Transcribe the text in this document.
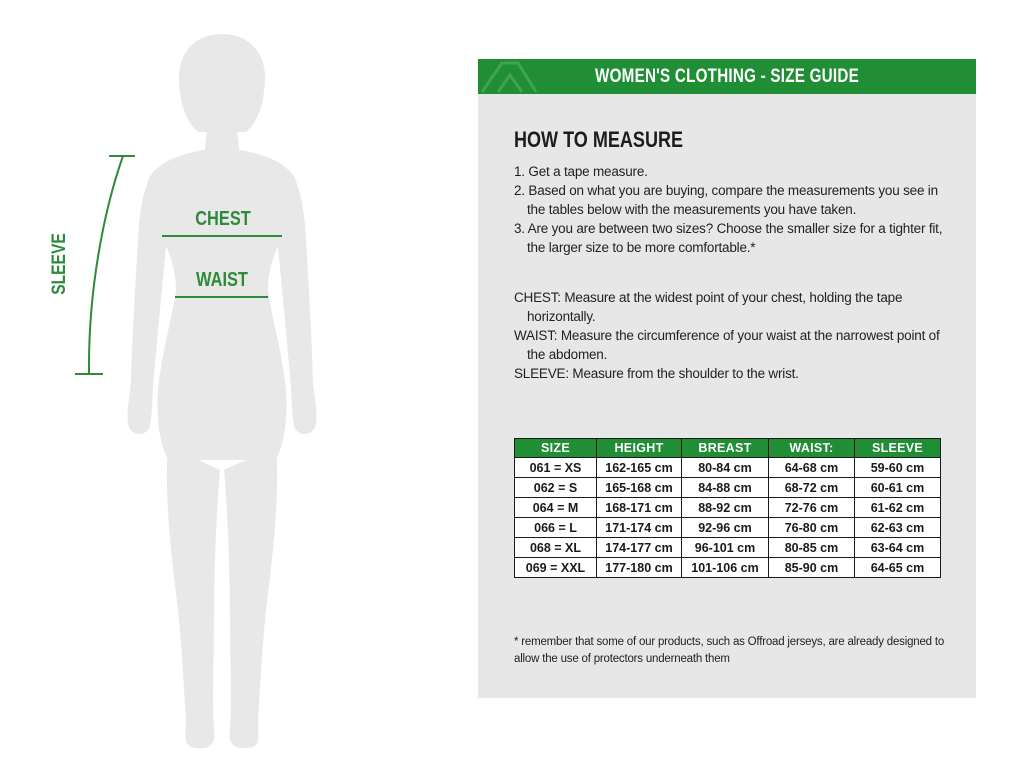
CHEST
WAIST
SLEEVE
WOMEN'S CLOTHING - SIZE GUIDE
HOW TO MEASURE
1. Get a tape measure.
2. Based on what you are buying, compare the measurements you see in the tables below with the measurements you have taken.
3. Are you are between two sizes? Choose the smaller size for a tighter fit, the larger size to be more comfortable.*
CHEST: Measure at the widest point of your chest, holding the tape horizontally.
WAIST: Measure the circumference of your waist at the narrowest point of the abdomen.
SLEEVE: Measure from the shoulder to the wrist.
SIZE	HEIGHT	BREAST	WAIST:	SLEEVE
061 = XS	162-165 cm	80-84 cm	64-68 cm	59-60 cm
062 = S	165-168 cm	84-88 cm	68-72 cm	60-61 cm
064 = M	168-171 cm	88-92 cm	72-76 cm	61-62 cm
066 = L	171-174 cm	92-96 cm	76-80 cm	62-63 cm
068 = XL	174-177 cm	96-101 cm	80-85 cm	63-64 cm
069 = XXL	177-180 cm	101-106 cm	85-90 cm	64-65 cm
* remember that some of our products, such as Offroad jerseys, are already designed to allow the use of protectors underneath them
